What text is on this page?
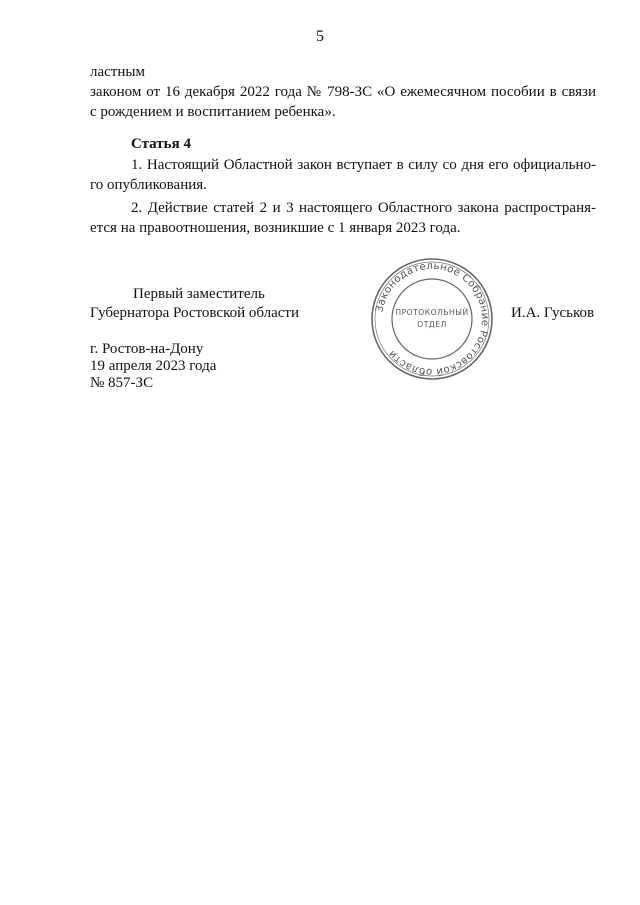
5
ластным
законом от 16 декабря 2022 года № 798-ЗС «О ежемесячном пособии в связи
с рождением и воспитанием ребенка».
Статья 4
1. Настоящий Областной закон вступает в силу со дня его официально-
го опубликования.
2. Действие статей 2 и 3 настоящего Областного закона распространя-
ется на правоотношения, возникшие с 1 января 2023 года.
Первый заместитель
Губернатора Ростовской области	И.А. Гуськов
г. Ростов-на-Дону
19 апреля 2023 года
№ 857-ЗС
Законодательное Собрание Ростовской области
ПРОТОКОЛЬНЫЙ
ОТДЕЛ
